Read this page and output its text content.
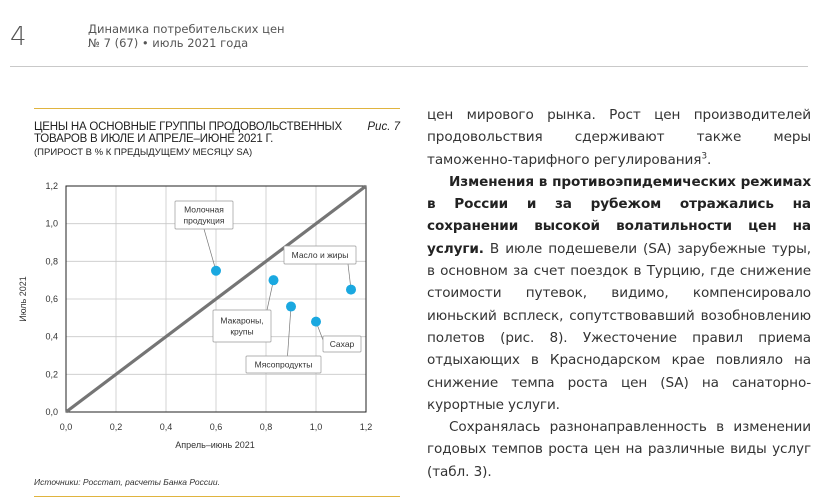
4	Динамика потребительских цен
№ 7 (67) • июль 2021 года
ЦЕНЫ НА ОСНОВНЫЕ ГРУППЫ ПРОДОВОЛЬСТВЕННЫХ ТОВАРОВ В ИЮЛЕ И АПРЕЛЕ–ИЮНЕ 2021 Г.
Рис. 7
(ПРИРОСТ В % К ПРЕДЫДУЩЕМУ МЕСЯЦУ SA)
0,0	0,2	0,4	0,6	0,8	1,0	1,2
0,0
0,2
0,4
0,6
0,8
1,0
1,2
Молочная продукция
Масло и жиры
Макароны, крупы
Мясопродукты
Сахар
Апрель–июнь 2021
Июль 2021
Источники: Росстат, расчеты Банка России.

цен мирового рынка. Рост цен производителей продовольствия сдерживают также меры таможенно-тарифного регулирования$^3$.

Изменения в противоэпидемических режимах в России и за рубежом отражались на сохранении высокой волатильности цен на услуги. В июле подешевели (SA) зарубежные туры, в основном за счет поездок в Турцию, где снижение стоимости путевок, видимо, компенсировало июньский всплеск, сопутствовавший возобновлению полетов (рис. 8). Ужесточение правил приема отдыхающих в Краснодарском крае повлияло на снижение темпа роста цен (SA) на санаторно-курортные услуги.

Сохранялась разнонаправленность в изменении годовых темпов роста цен на различные виды услуг (табл. 3).
